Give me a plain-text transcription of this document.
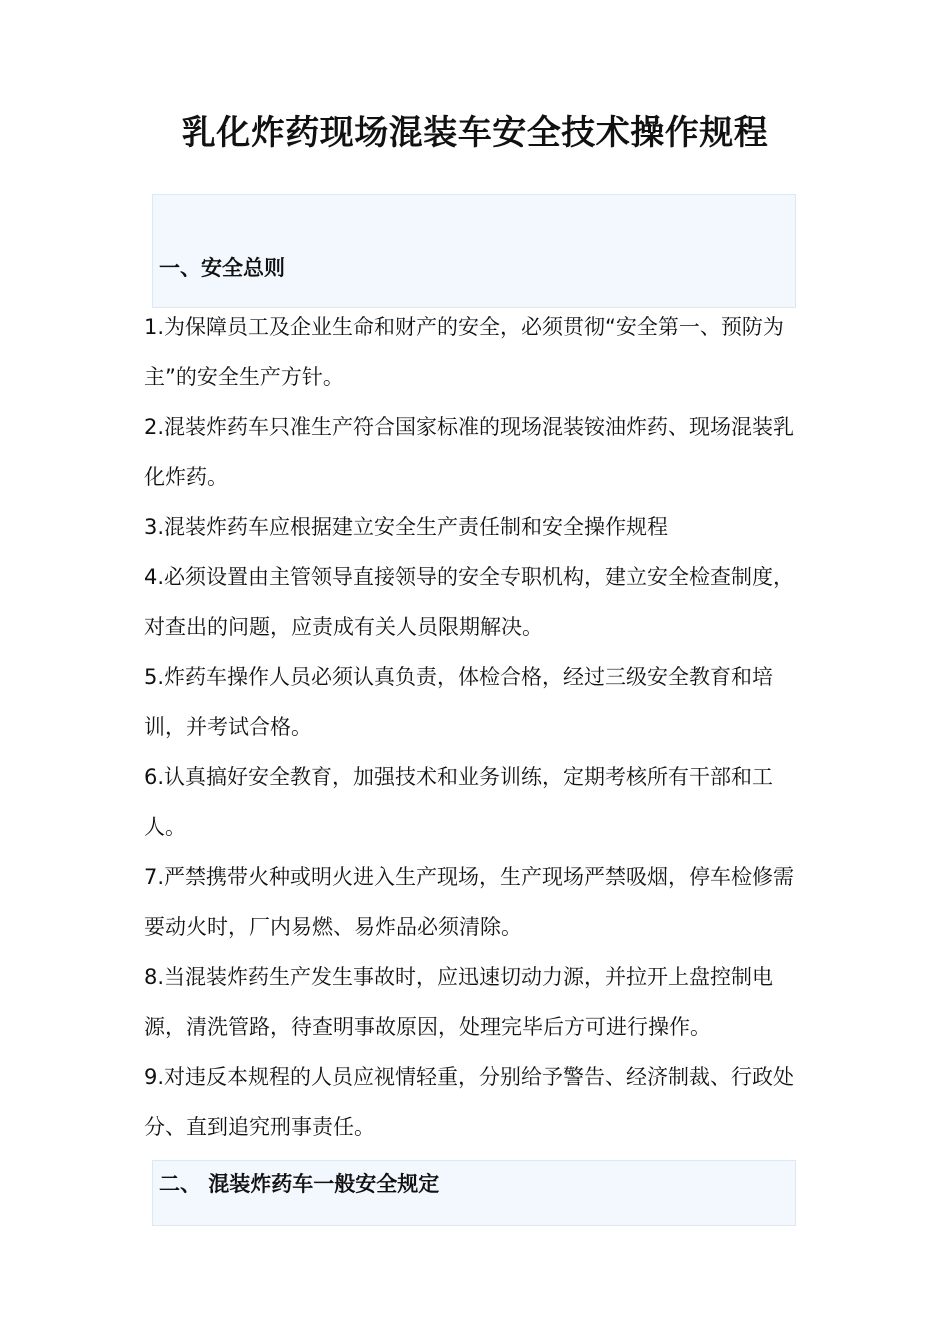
乳化炸药现场混装车安全技术操作规程
一、安全总则
1.为保障员工及企业生命和财产的安全，必须贯彻“安全第一、预防为主”的安全生产方针。
2.混装炸药车只准生产符合国家标准的现场混装铵油炸药、现场混装乳化炸药。
3.混装炸药车应根据建立安全生产责任制和安全操作规程
4.必须设置由主管领导直接领导的安全专职机构，建立安全检查制度，对查出的问题，应责成有关人员限期解决。
5.炸药车操作人员必须认真负责，体检合格，经过三级安全教育和培训，并考试合格。
6.认真搞好安全教育，加强技术和业务训练，定期考核所有干部和工人。
7.严禁携带火种或明火进入生产现场，生产现场严禁吸烟，停车检修需要动火时，厂内易燃、易炸品必须清除。
8.当混装炸药生产发生事故时，应迅速切动力源，并拉开上盘控制电源，清洗管路，待查明事故原因，处理完毕后方可进行操作。
9.对违反本规程的人员应视情轻重，分别给予警告、经济制裁、行政处分、直到追究刑事责任。
二、 混装炸药车一般安全规定
